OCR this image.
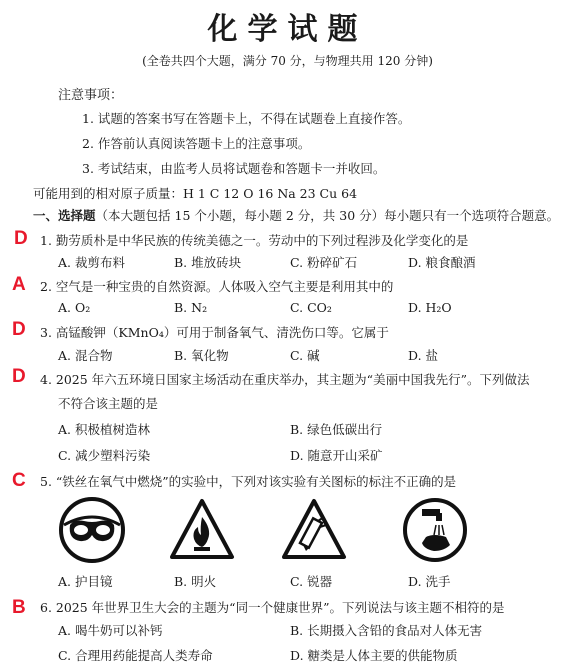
化学试题
(全卷共四个大题，满分 70 分，与物理共用 120 分钟)
注意事项：
1. 试题的答案书写在答题卡上，不得在试题卷上直接作答。
2. 作答前认真阅读答题卡上的注意事项。
3. 考试结束，由监考人员将试题卷和答题卡一并收回。
可能用到的相对原子质量：H 1 C 12 O 16 Na 23 Cu 64
一、选择题（本大题包括 15 个小题，每小题 2 分，共 30 分）每小题只有一个选项符合题意。
D 1. 勤劳质朴是中华民族的传统美德之一。劳动中的下列过程涉及化学变化的是
A. 裁剪布料	B. 堆放砖块	C. 粉碎矿石	D. 粮食酿酒
A 2. 空气是一种宝贵的自然资源。人体吸入空气主要是利用其中的
A. O₂	B. N₂	C. CO₂	D. H₂O
D 3. 高锰酸钾（KMnO₄）可用于制备氧气、清洗伤口等。它属于
A. 混合物	B. 氧化物	C. 碱	D. 盐
D 4. 2025 年六五环境日国家主场活动在重庆举办，其主题为“美丽中国我先行”。下列做法
不符合该主题的是
A. 积极植树造林	B. 绿色低碳出行
C. 减少塑料污染	D. 随意开山采矿
C 5. “铁丝在氧气中燃烧”的实验中，下列对该实验有关图标的标注不正确的是
A. 护目镜	B. 明火	C. 锐器	D. 洗手
B 6. 2025 年世界卫生大会的主题为“同一个健康世界”。下列说法与该主题不相符的是
A. 喝牛奶可以补钙	B. 长期摄入含铅的食品对人体无害
C. 合理用药能提高人类寿命	D. 糖类是人体主要的供能物质
